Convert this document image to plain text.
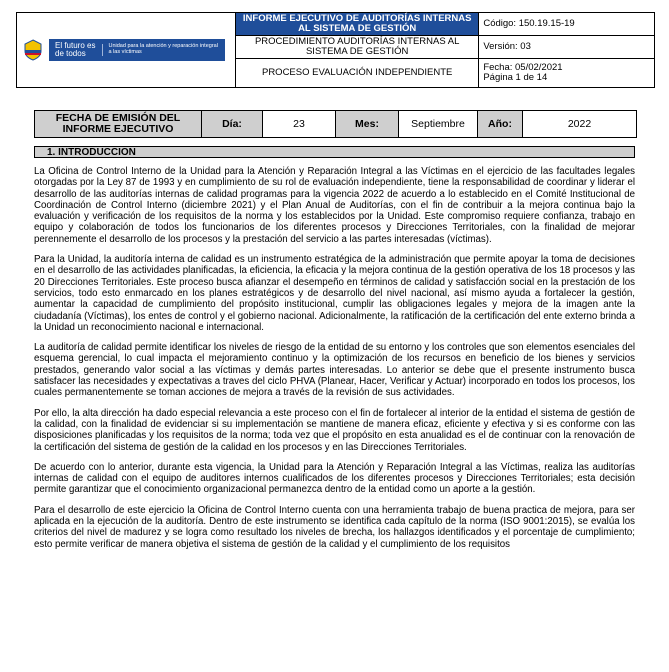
El futuro es de todos
Unidad para la atención y reparación integral a las víctimas	INFORME EJECUTIVO DE AUDITORÍAS INTERNAS AL SISTEMA DE GESTIÓN	Código: 150.19.15-19
	PROCEDIMIENTO AUDITORÍAS INTERNAS AL SISTEMA DE GESTIÓN	Versión: 03
	PROCESO EVALUACIÓN INDEPENDIENTE	Fecha: 05/02/2021
Página 1 de 14
FECHA DE EMISIÓN DEL INFORME EJECUTIVO	Día:	23	Mes:	Septiembre	Año:	2022
1. INTRODUCCION

La Oficina de Control Interno de la Unidad para la Atención y Reparación Integral a las Víctimas en el ejercicio de las facultades legales otorgadas por la Ley 87 de 1993 y en cumplimiento de su rol de evaluación independiente, tiene la responsabilidad de coordinar y liderar el desarrollo de las auditorías internas de calidad programas para la vigencia 2022 de acuerdo a lo establecido en el Comité Institucional de Coordinación de Control Interno (diciembre 2021) y el Plan Anual de Auditorías, con el fin de contribuir a la mejora continua bajo la evaluación y verificación de los requisitos de la norma y los establecidos por la Unidad. Este compromiso requiere confianza, trabajo en equipo y colaboración de todos los funcionarios de los diferentes procesos y Direcciones Territoriales, con la finalidad de mejorar perennemente el desarrollo de los procesos y la prestación del servicio a las partes interesadas (víctimas).

Para la Unidad, la auditoría interna de calidad es un instrumento estratégica de la administración que permite apoyar la toma de decisiones en el desarrollo de las actividades planificadas, la eficiencia, la eficacia y la mejora continua de la gestión operativa de los 18 procesos y las 20 Direcciones Territoriales. Este proceso busca afianzar el desempeño en términos de calidad y satisfacción social en la prestación de los servicios, todo esto enmarcado en los planes estratégicos y de desarrollo del nivel nacional, así mismo ayuda a fortalecer la gestión, aumentar la capacidad de cumplimiento del propósito institucional, cumplir las obligaciones legales y mejora de la imagen ante la ciudadanía (Víctimas), los entes de control y el gobierno nacional. Adicionalmente, la ratificación de la certificación del ente externo brinda a la Unidad un reconocimiento nacional e internacional.

La auditoría de calidad permite identificar los niveles de riesgo de la entidad de su entorno y los controles que son elementos esenciales del esquema gerencial, lo cual impacta el mejoramiento continuo y la optimización de los recursos en beneficio de los bienes y servicios prestados, generando valor social a las víctimas y demás partes interesadas. Lo anterior se debe que el presente instrumento busca satisfacer las necesidades y expectativas a traves del ciclo PHVA (Planear, Hacer, Verificar y Actuar) incorporado en todos los procesos, los cuales permanentemente se toman acciones de mejora a través de la revisión de sus actividades.

Por ello, la alta dirección ha dado especial relevancia a este proceso con el fin de fortalecer al interior de la entidad el sistema de gestión de la calidad, con la finalidad de evidenciar si su implementación se mantiene de manera eficaz, eficiente y efectiva y si es conforme con las disposiciones planificadas y los requisitos de la norma; toda vez que el propósito en esta anualidad es el de continuar con la renovación de la certificación del sistema de gestión de la calidad en los procesos y en las Direcciones Territoriales.

De acuerdo con lo anterior, durante esta vigencia, la Unidad para la Atención y Reparación Integral a las Víctimas, realiza las auditorías internas de calidad con el equipo de auditores internos cualificados de los diferentes procesos y Direcciones Territoriales; esta decisión permite garantizar que el conocimiento organizacional permanezca dentro de la entidad como un aporte a la gestión.

Para el desarrollo de este ejercicio la Oficina de Control Interno cuenta con una herramienta trabajo de buena practica de mejora, para ser aplicada en la ejecución de la auditoría. Dentro de este instrumento se identifica cada capítulo de la norma (ISO 9001:2015), se evalúa los criterios del nivel de madurez y se logra como resultado los niveles de brecha, los hallazgos identificados y el porcentaje de cumplimiento; esto permite verificar de manera objetiva el sistema de gestión de la calidad y el cumplimiento de los requisitos
